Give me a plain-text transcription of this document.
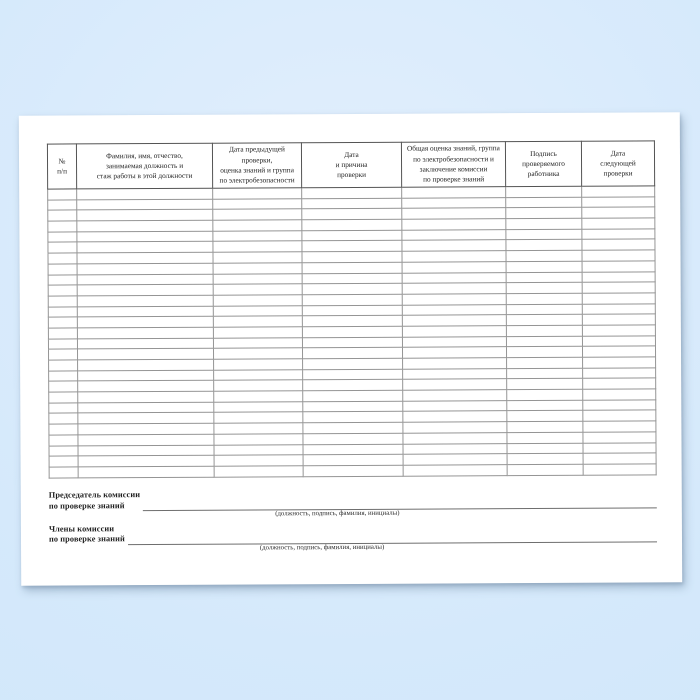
№
п/п	Фамилия, имя, отчество,
занимаемая должность и
стаж работы в этой должности	Дата предыдущей
проверки,
оценка знаний и группа
по электробезопасности	Дата
и причина
проверки	Общая оценка знаний, группа
по электробезопасности и
заключение комиссии
по проверке знаний	Подпись
проверяемого
работника	Дата
следующей
проверки

Председатель комиссии
по проверке знаний
(должность, подпись, фамилия, инициалы)
Члены комиссии
по проверке знаний
(должность, подпись, фамилия, инициалы)
